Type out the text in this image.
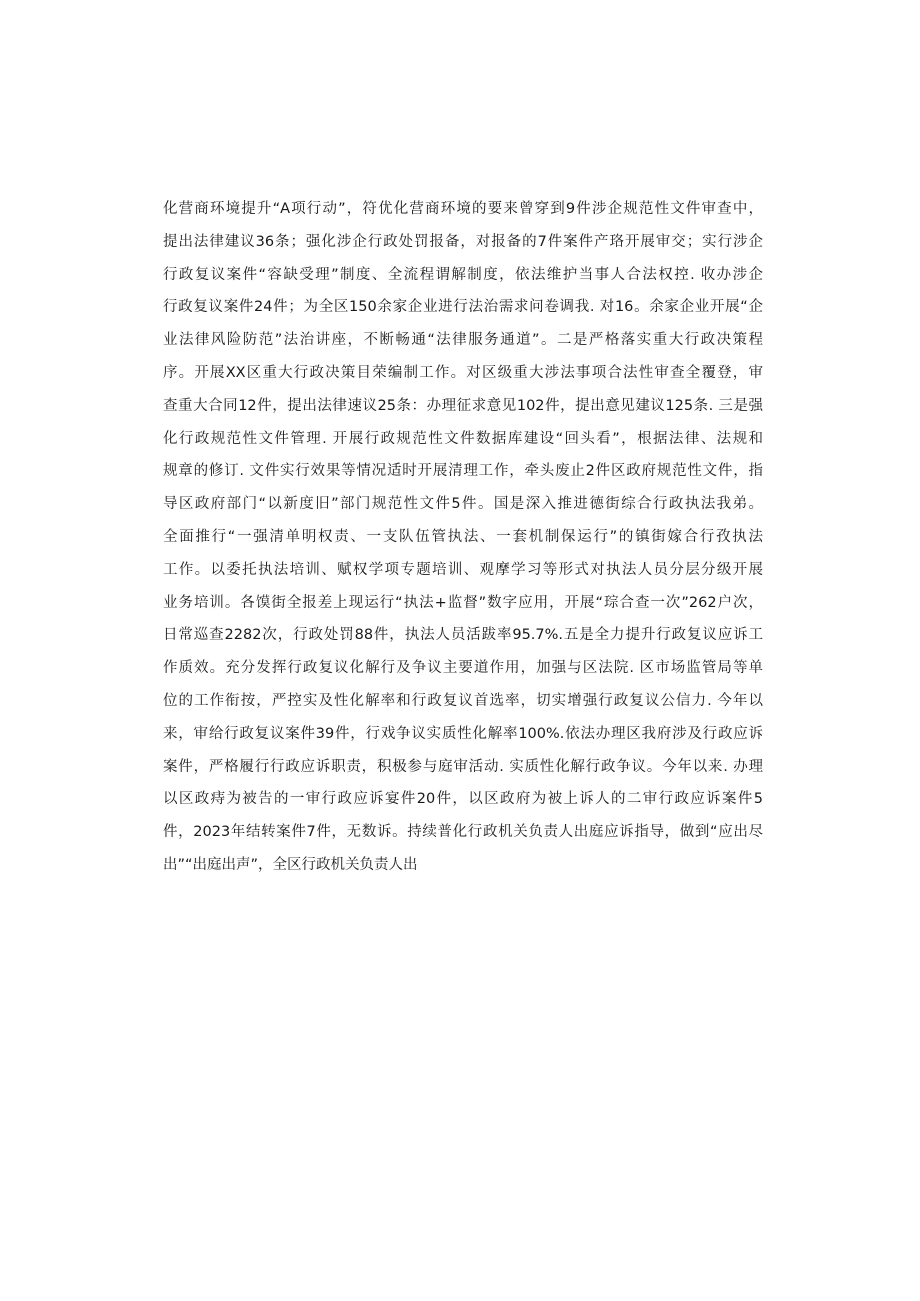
化营商环境提升“A项行动”，符优化营商环境的要来曾穿到9件涉企规范性文件审查中，
提出法律建议36条；强化涉企行政处罚报备，对报备的7件案件产珞开展审交；实行涉企
行政复议案件“容缺受理”制度、全流程谓解制度，依法维护当事人合法权控. 收办涉企
行政复议案件24件；为全区150余家企业进行法治需求问卷调我. 对16。余家企业开展“企
业法律风险防范”法治讲座，不断畅通“法律服务通道”。二是严格落实重大行政决策程
序。开展XX区重大行政决策目荣编制工作。对区级重大涉法事项合法性审查全覆登，审
查重大合同12件，提出法律速议25条：办理征求意见102件，提出意见建议125条. 三是强
化行政规范性文件管理. 开展行政规范性文件数据库建设“回头看”，根据法律、法规和
规章的修订. 文件实行效果等情况适时开展清理工作，牵头废止2件区政府规范性文件，指
导区政府部门“以新度旧”部门规范性文件5件。国是深入推进德街综合行政执法我弟。
全面推行“一强清单明权责、一支队伍管执法、一套机制保运行”的镇街嫁合行孜执法
工作。以委托执法培训、赋权学项专题培训、观摩学习等形式对执法人员分层分级开展
业务培训。各馍街全报差上现运行“执法+监督”数字应用，开展“琮合查一次”262户次，
日常巡查2282次，行政处罚88件，执法人员活跋率95.7%.五是全力提升行政复议应诉工
作质效。充分发挥行政复议化解行及争议主要道作用，加强与区法院. 区市场监管局等单
位的工作衔按，严控实及性化解率和行政复议首选率，切实增强行政复议公信力. 今年以
来，审给行政复议案件39件，行戏争议实质性化解率100%.依法办理区我府涉及行政应诉
案件，严格履行行政应诉职责，积极参与庭审活动. 实质性化解行政争议。今年以来. 办理
以区政痔为被告的一审行政应诉宴件20件，以区政府为被上诉人的二审行政应诉案件5
件，2023年结转案件7件，无数诉。持续普化行政机关负责人出庭应诉指导，做到“应出尽
出”“出庭出声”，全区行政机关负责人出
